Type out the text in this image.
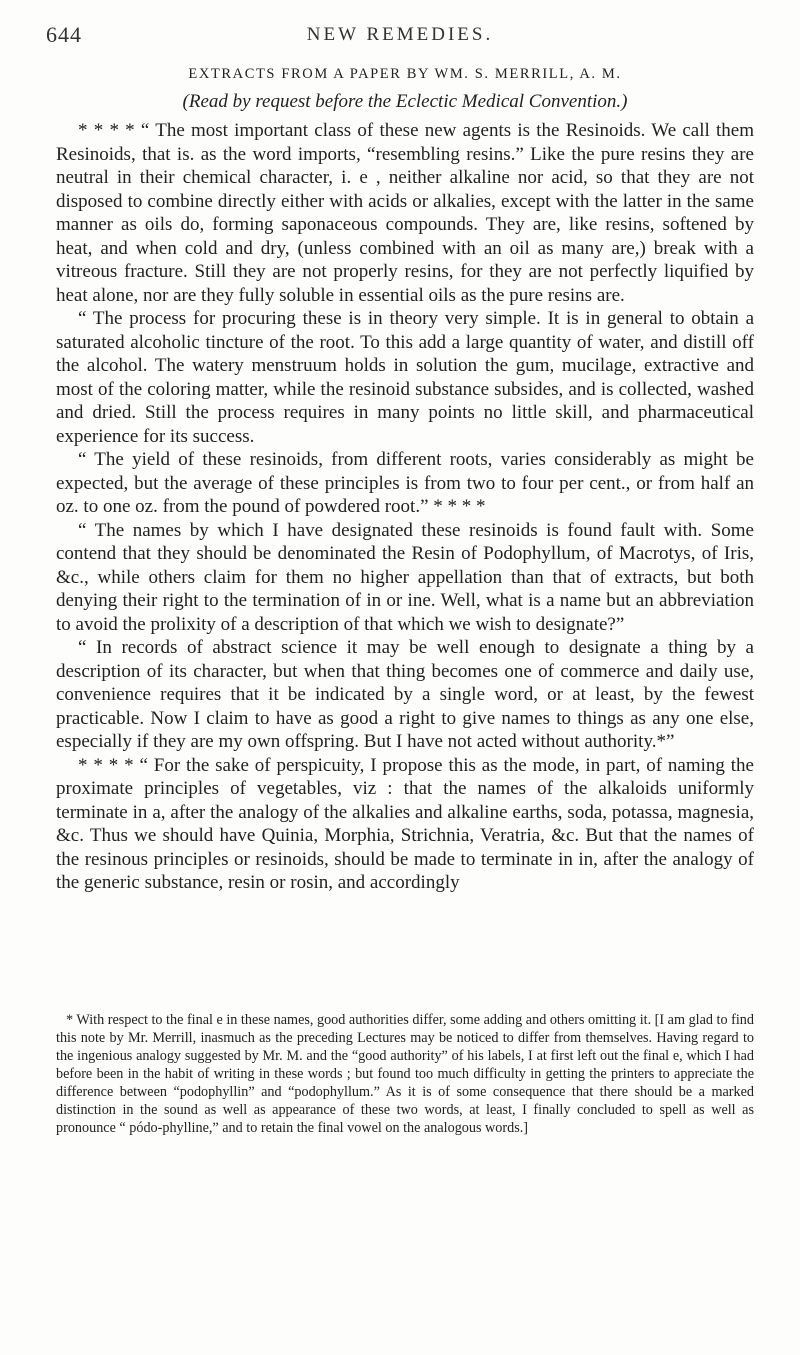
644	NEW REMEDIES.
EXTRACTS FROM A PAPER BY WM. S. MERRILL, A. M.
(Read by request before the Eclectic Medical Convention.)

* * * * “ The most important class of these new agents is the Resinoids. We call them Resinoids, that is. as the word imports, “resembling resins.” Like the pure resins they are neutral in their chemical character, i. e , neither alkaline nor acid, so that they are not disposed to combine directly either with acids or alkalies, except with the latter in the same manner as oils do, forming saponaceous compounds. They are, like resins, softened by heat, and when cold and dry, (unless combined with an oil as many are,) break with a vitreous fracture. Still they are not properly resins, for they are not perfectly liquified by heat alone, nor are they fully soluble in essential oils as the pure resins are.

“ The process for procuring these is in theory very simple. It is in general to obtain a saturated alcoholic tincture of the root. To this add a large quantity of water, and distill off the alcohol. The watery menstruum holds in solution the gum, mucilage, extractive and most of the coloring matter, while the resinoid substance subsides, and is collected, washed and dried. Still the process requires in many points no little skill, and pharmaceutical experience for its success.

“ The yield of these resinoids, from different roots, varies considerably as might be expected, but the average of these principles is from two to four per cent., or from half an oz. to one oz. from the pound of powdered root.” * * * *

“ The names by which I have designated these resinoids is found fault with. Some contend that they should be denominated the Resin of Podophyllum, of Macrotys, of Iris, &c., while others claim for them no higher appellation than that of extracts, but both denying their right to the termination of in or ine. Well, what is a name but an abbreviation to avoid the prolixity of a description of that which we wish to designate?”

“ In records of abstract science it may be well enough to designate a thing by a description of its character, but when that thing becomes one of commerce and daily use, convenience requires that it be indicated by a single word, or at least, by the fewest practicable. Now I claim to have as good a right to give names to things as any one else, especially if they are my own offspring. But I have not acted without authority.*”

* * * * “ For the sake of perspicuity, I propose this as the mode, in part, of naming the proximate principles of vegetables, viz : that the names of the alkaloids uniformly terminate in a, after the analogy of the alkalies and alkaline earths, soda, potassa, magnesia, &c. Thus we should have Quinia, Morphia, Strichnia, Veratria, &c. But that the names of the resinous principles or resinoids, should be made to terminate in in, after the analogy of the generic substance, resin or rosin, and accordingly

* With respect to the final e in these names, good authorities differ, some adding and others omitting it. [I am glad to find this note by Mr. Merrill, inasmuch as the preceding Lectures may be noticed to differ from themselves. Having regard to the ingenious analogy suggested by Mr. M. and the “good authority” of his labels, I at first left out the final e, which I had before been in the habit of writing in these words ; but found too much difficulty in getting the printers to appreciate the difference between “podophyllin” and “podophyllum.” As it is of some consequence that there should be a marked distinction in the sound as well as appearance of these two words, at least, I finally concluded to spell as well as pronounce “ pódo-phylline,” and to retain the final vowel on the analogous words.]
